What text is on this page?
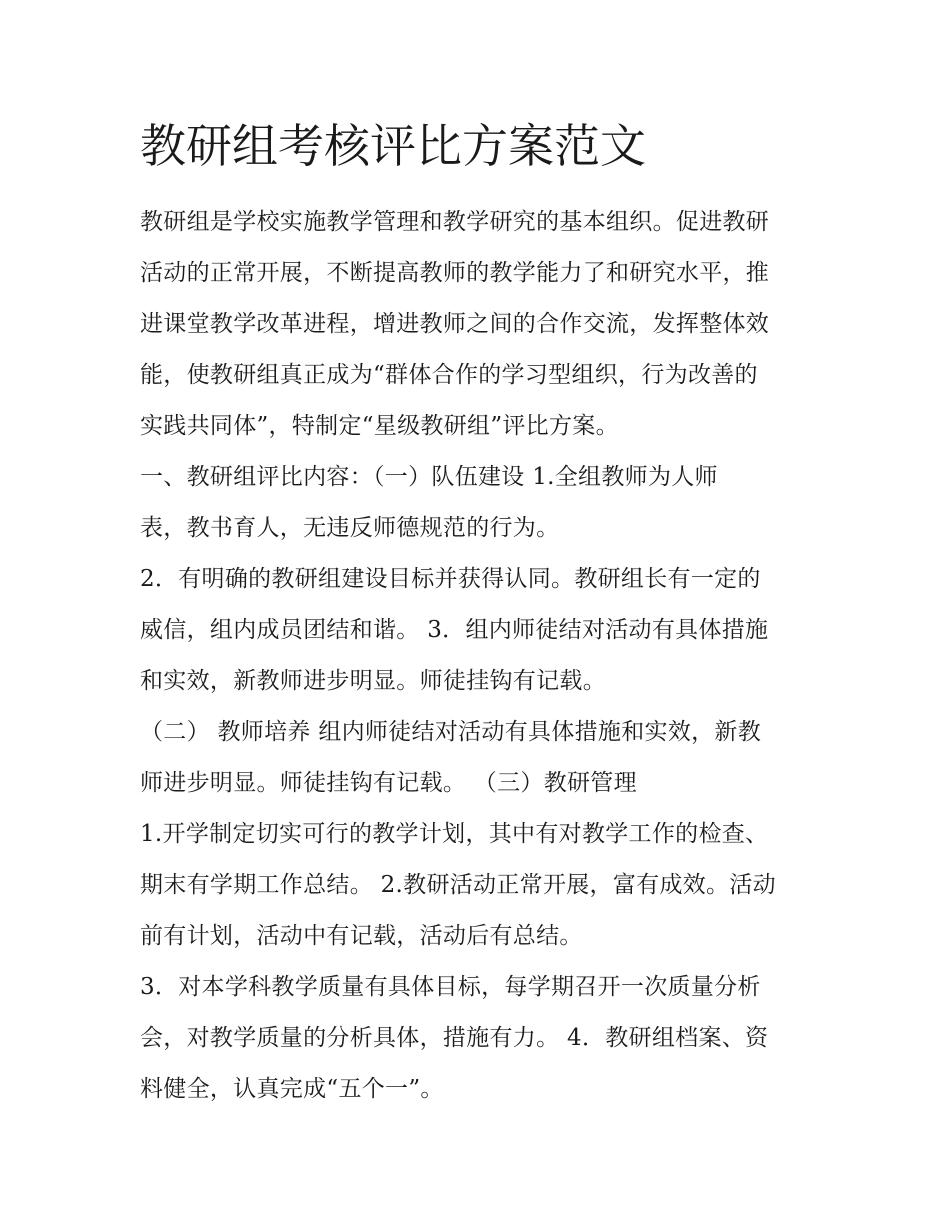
教研组考核评比方案范文
教研组是学校实施教学管理和教学研究的基本组织。促进教研
活动的正常开展，不断提高教师的教学能力了和研究水平，推
进课堂教学改革进程，增进教师之间的合作交流，发挥整体效
能，使教研组真正成为“群体合作的学习型组织，行为改善的
实践共同体”，特制定“星级教研组”评比方案。
一、教研组评比内容：（一）队伍建设 1.全组教师为人师
表，教书育人，无违反师德规范的行为。
2．有明确的教研组建设目标并获得认同。教研组长有一定的
威信，组内成员团结和谐。 3．组内师徒结对活动有具体措施
和实效，新教师进步明显。师徒挂钩有记载。
（二） 教师培养 组内师徒结对活动有具体措施和实效，新教
师进步明显。师徒挂钩有记载。 （三）教研管理
1.开学制定切实可行的教学计划，其中有对教学工作的检查、
期末有学期工作总结。 2.教研活动正常开展，富有成效。活动
前有计划，活动中有记载，活动后有总结。
3．对本学科教学质量有具体目标，每学期召开一次质量分析
会，对教学质量的分析具体，措施有力。 4．教研组档案、资
料健全，认真完成“五个一”。
